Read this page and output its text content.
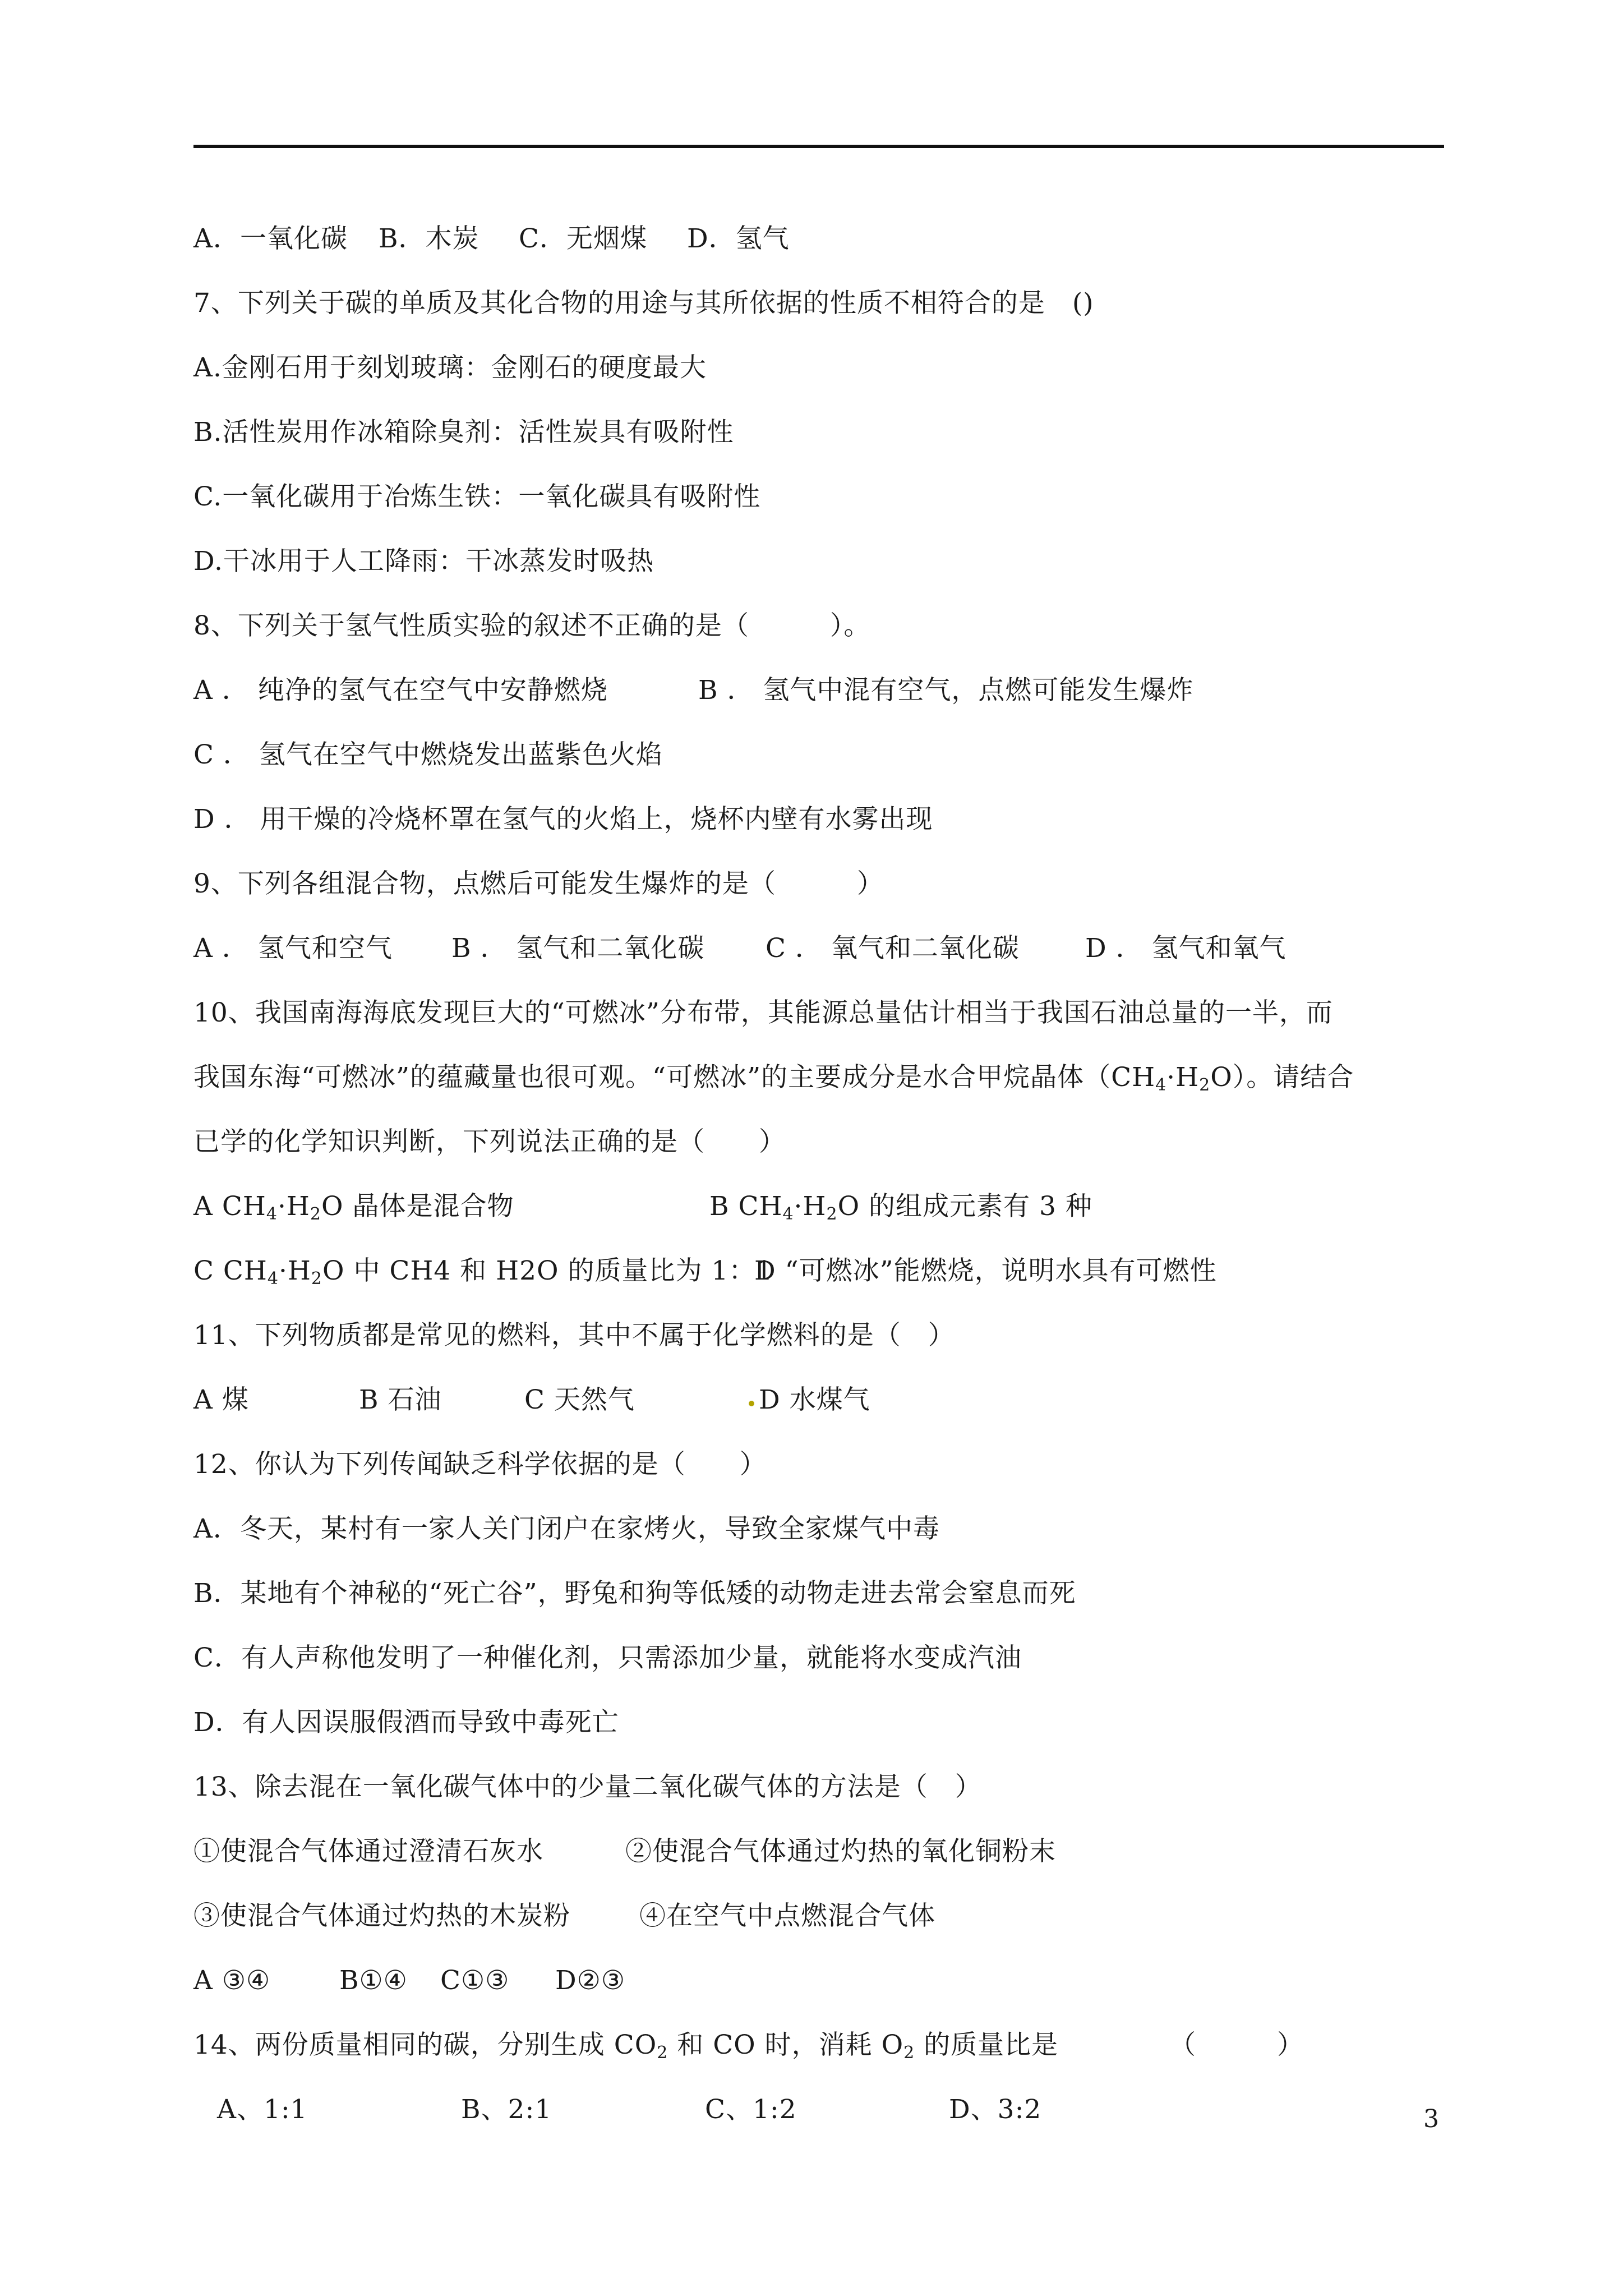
A．一氧化碳 B．木炭 C．无烟煤 D．氢气
7、下列关于碳的单质及其化合物的用途与其所依据的性质不相符合的是　()
A.金刚石用于刻划玻璃：金刚石的硬度最大
B.活性炭用作冰箱除臭剂：活性炭具有吸附性
C.一氧化碳用于冶炼生铁：一氧化碳具有吸附性
D.干冰用于人工降雨：干冰蒸发时吸热
8、下列关于氢气性质实验的叙述不正确的是（　　　）。
A ． 纯净的氢气在空气中安静燃烧	B ． 氢气中混有空气，点燃可能发生爆炸
C ． 氢气在空气中燃烧发出蓝紫色火焰
D ． 用干燥的冷烧杯罩在氢气的火焰上，烧杯内壁有水雾出现
9、下列各组混合物，点燃后可能发生爆炸的是（　　　）
A ． 氢气和空气 B ． 氢气和二氧化碳 C ． 氧气和二氧化碳 D ． 氢气和氧气
10、我国南海海底发现巨大的“可燃冰”分布带，其能源总量估计相当于我国石油总量的一半，而
我国东海“可燃冰”的蕴藏量也很可观。“可燃冰”的主要成分是水合甲烷晶体$(CH_4\cdot H_2O)$。请结合
已学的化学知识判断，下列说法正确的是（　　）
A $CH_4\cdot H_2O$ 晶体是混合物	B $CH_4\cdot H_2O$ 的组成元素有 3 种
C $CH_4\cdot H_2O$ 中 CH4 和 H2O 的质量比为 1：1D “可燃冰”能燃烧，说明水具有可燃性
11、下列物质都是常见的燃料，其中不属于化学燃料的是（　）
A 煤	B 石油	C 天然气	D 水煤气
12、你认为下列传闻缺乏科学依据的是（　　）
A．冬天，某村有一家人关门闭户在家烤火，导致全家煤气中毒
B．某地有个神秘的“死亡谷”，野兔和狗等低矮的动物走进去常会窒息而死
C．有人声称他发明了一种催化剂，只需添加少量，就能将水变成汽油
D．有人因误服假酒而导致中毒死亡
13、除去混在一氧化碳气体中的少量二氧化碳气体的方法是（　）
①使混合气体通过澄清石灰水	②使混合气体通过灼热的氧化铜粉末
③使混合气体通过灼热的木炭粉	④在空气中点燃混合气体
A ③④	B①④ C①③ D②③
14、两份质量相同的碳，分别生成 $CO_2$ 和 CO 时，消耗 $O_2$ 的质量比是	（　　　）
A、1:1	B、2:1	C、1:2	D、3:2	3
